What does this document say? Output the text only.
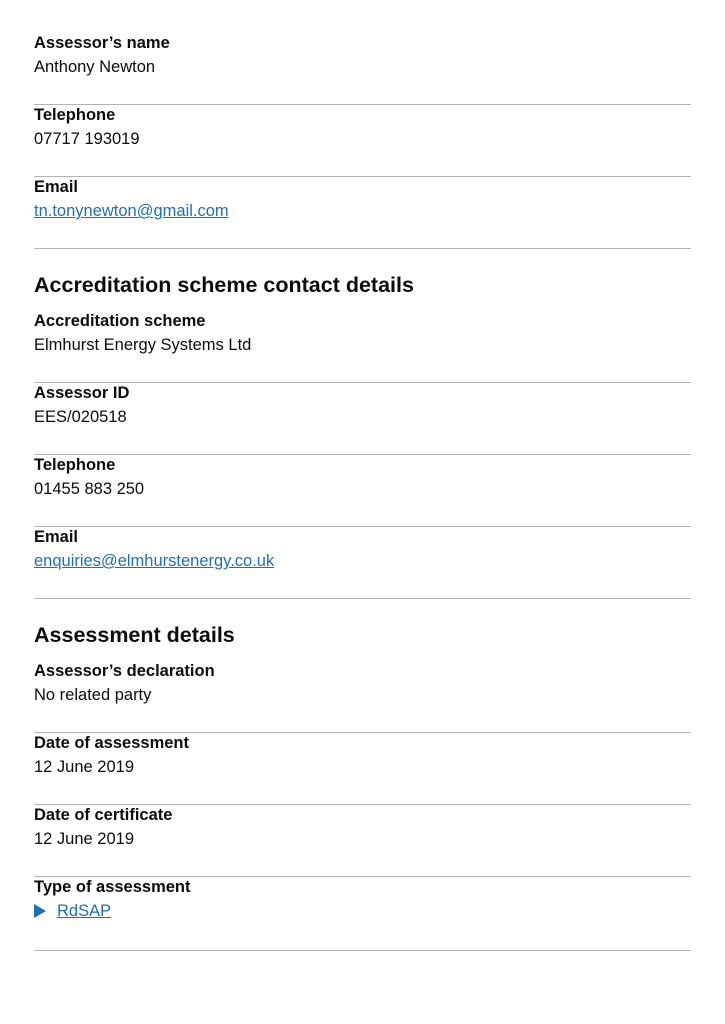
Assessor’s name
Anthony Newton
Telephone
07717 193019
Email
tn.tonynewton@gmail.com
Accreditation scheme contact details
Accreditation scheme
Elmhurst Energy Systems Ltd
Assessor ID
EES/020518
Telephone
01455 883 250
Email
enquiries@elmhurstenergy.co.uk
Assessment details
Assessor’s declaration
No related party
Date of assessment
12 June 2019
Date of certificate
12 June 2019
Type of assessment
RdSAP
